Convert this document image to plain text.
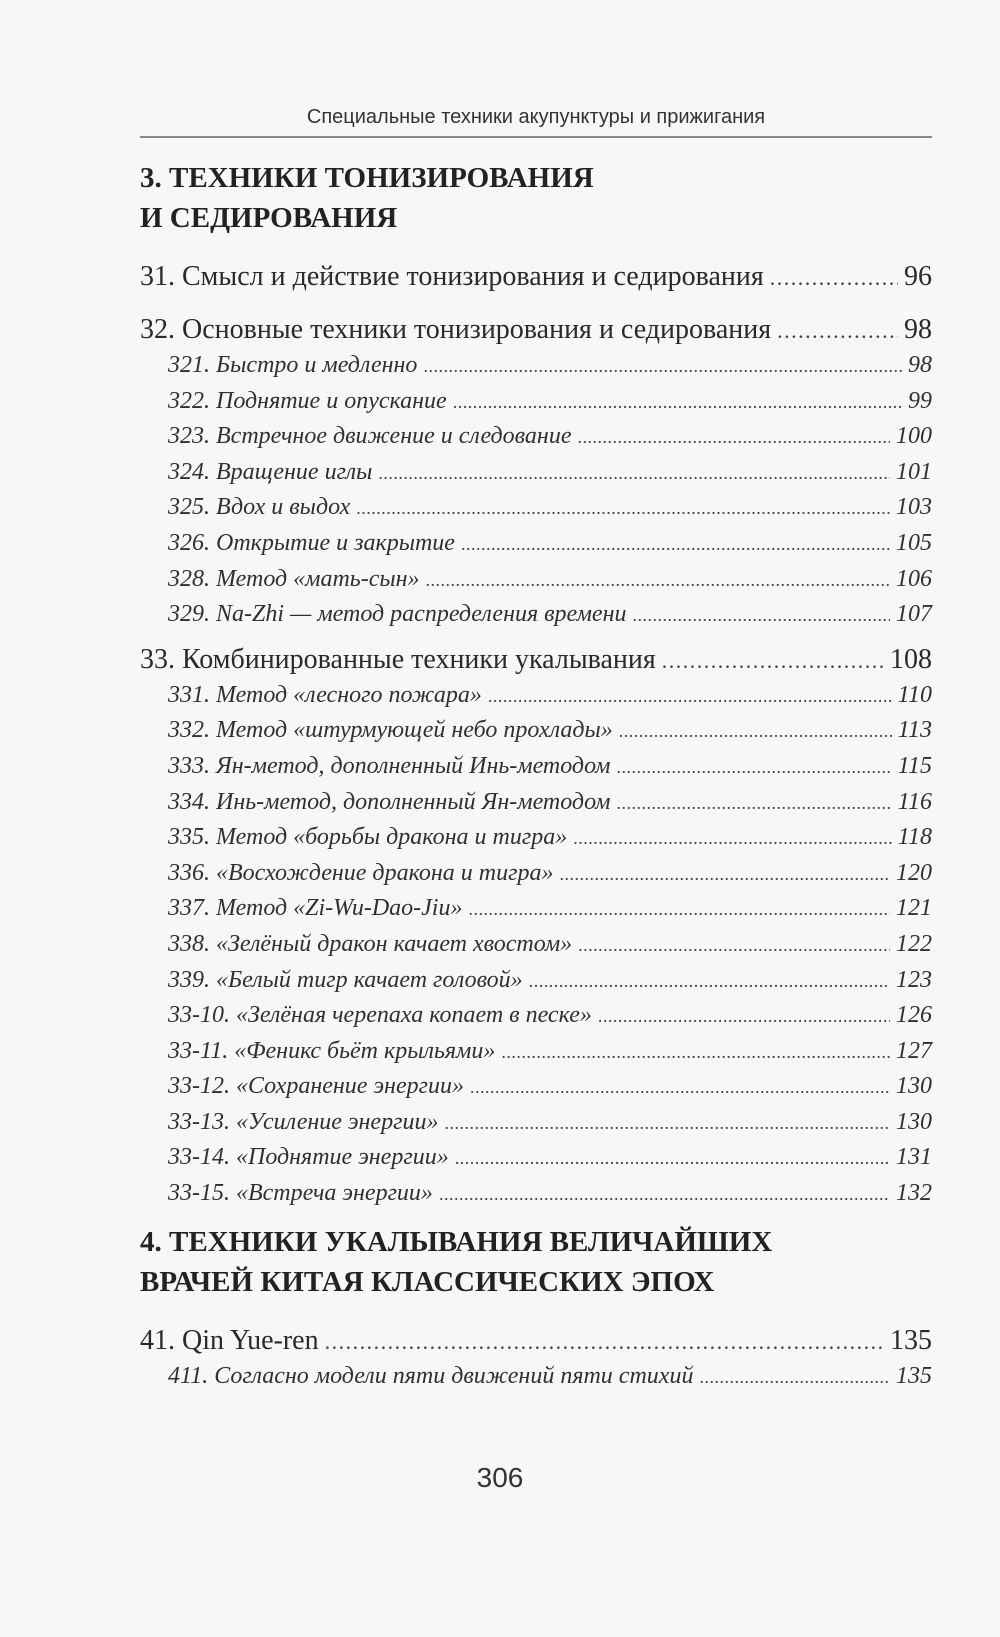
Специальные техники акупунктуры и прижигания
3. ТЕХНИКИ ТОНИЗИРОВАНИЯ
И СЕДИРОВАНИЯ
31. Смысл и действие тонизирования и седирования . . .	96
32. Основные техники тонизирования и седирования . . .	98
321. Быстро и медленно . . .	98
322. Поднятие и опускание . . .	99
323. Встречное движение и следование . . .	100
324. Вращение иглы . . .	101
325. Вдох и выдох . . .	103
326. Открытие и закрытие . . .	105
328. Метод «мать-сын» . . .	106
329. Na-Zhi — метод распределения времени . . .	107
33. Комбинированные техники укалывания . . .	108
331. Метод «лесного пожара» . . .	110
332. Метод «штурмующей небо прохлады» . . .	113
333. Ян-метод, дополненный Инь-методом . . .	115
334. Инь-метод, дополненный Ян-методом . . .	116
335. Метод «борьбы дракона и тигра» . . .	118
336. «Восхождение дракона и тигра» . . .	120
337. Метод «Zi-Wu-Dao-Jiu» . . .	121
338. «Зелёный дракон качает хвостом» . . .	122
339. «Белый тигр качает головой» . . .	123
33-10. «Зелёная черепаха копает в песке» . . .	126
33-11. «Феникс бьёт крыльями» . . .	127
33-12. «Сохранение энергии» . . .	130
33-13. «Усиление энергии» . . .	130
33-14. «Поднятие энергии» . . .	131
33-15. «Встреча энергии» . . .	132
4. ТЕХНИКИ УКАЛЫВАНИЯ ВЕЛИЧАЙШИХ
ВРАЧЕЙ КИТАЯ КЛАССИЧЕСКИХ ЭПОХ
41. Qin Yue-ren . . .	135
411. Согласно модели пяти движений пяти стихий . . .	135
306
